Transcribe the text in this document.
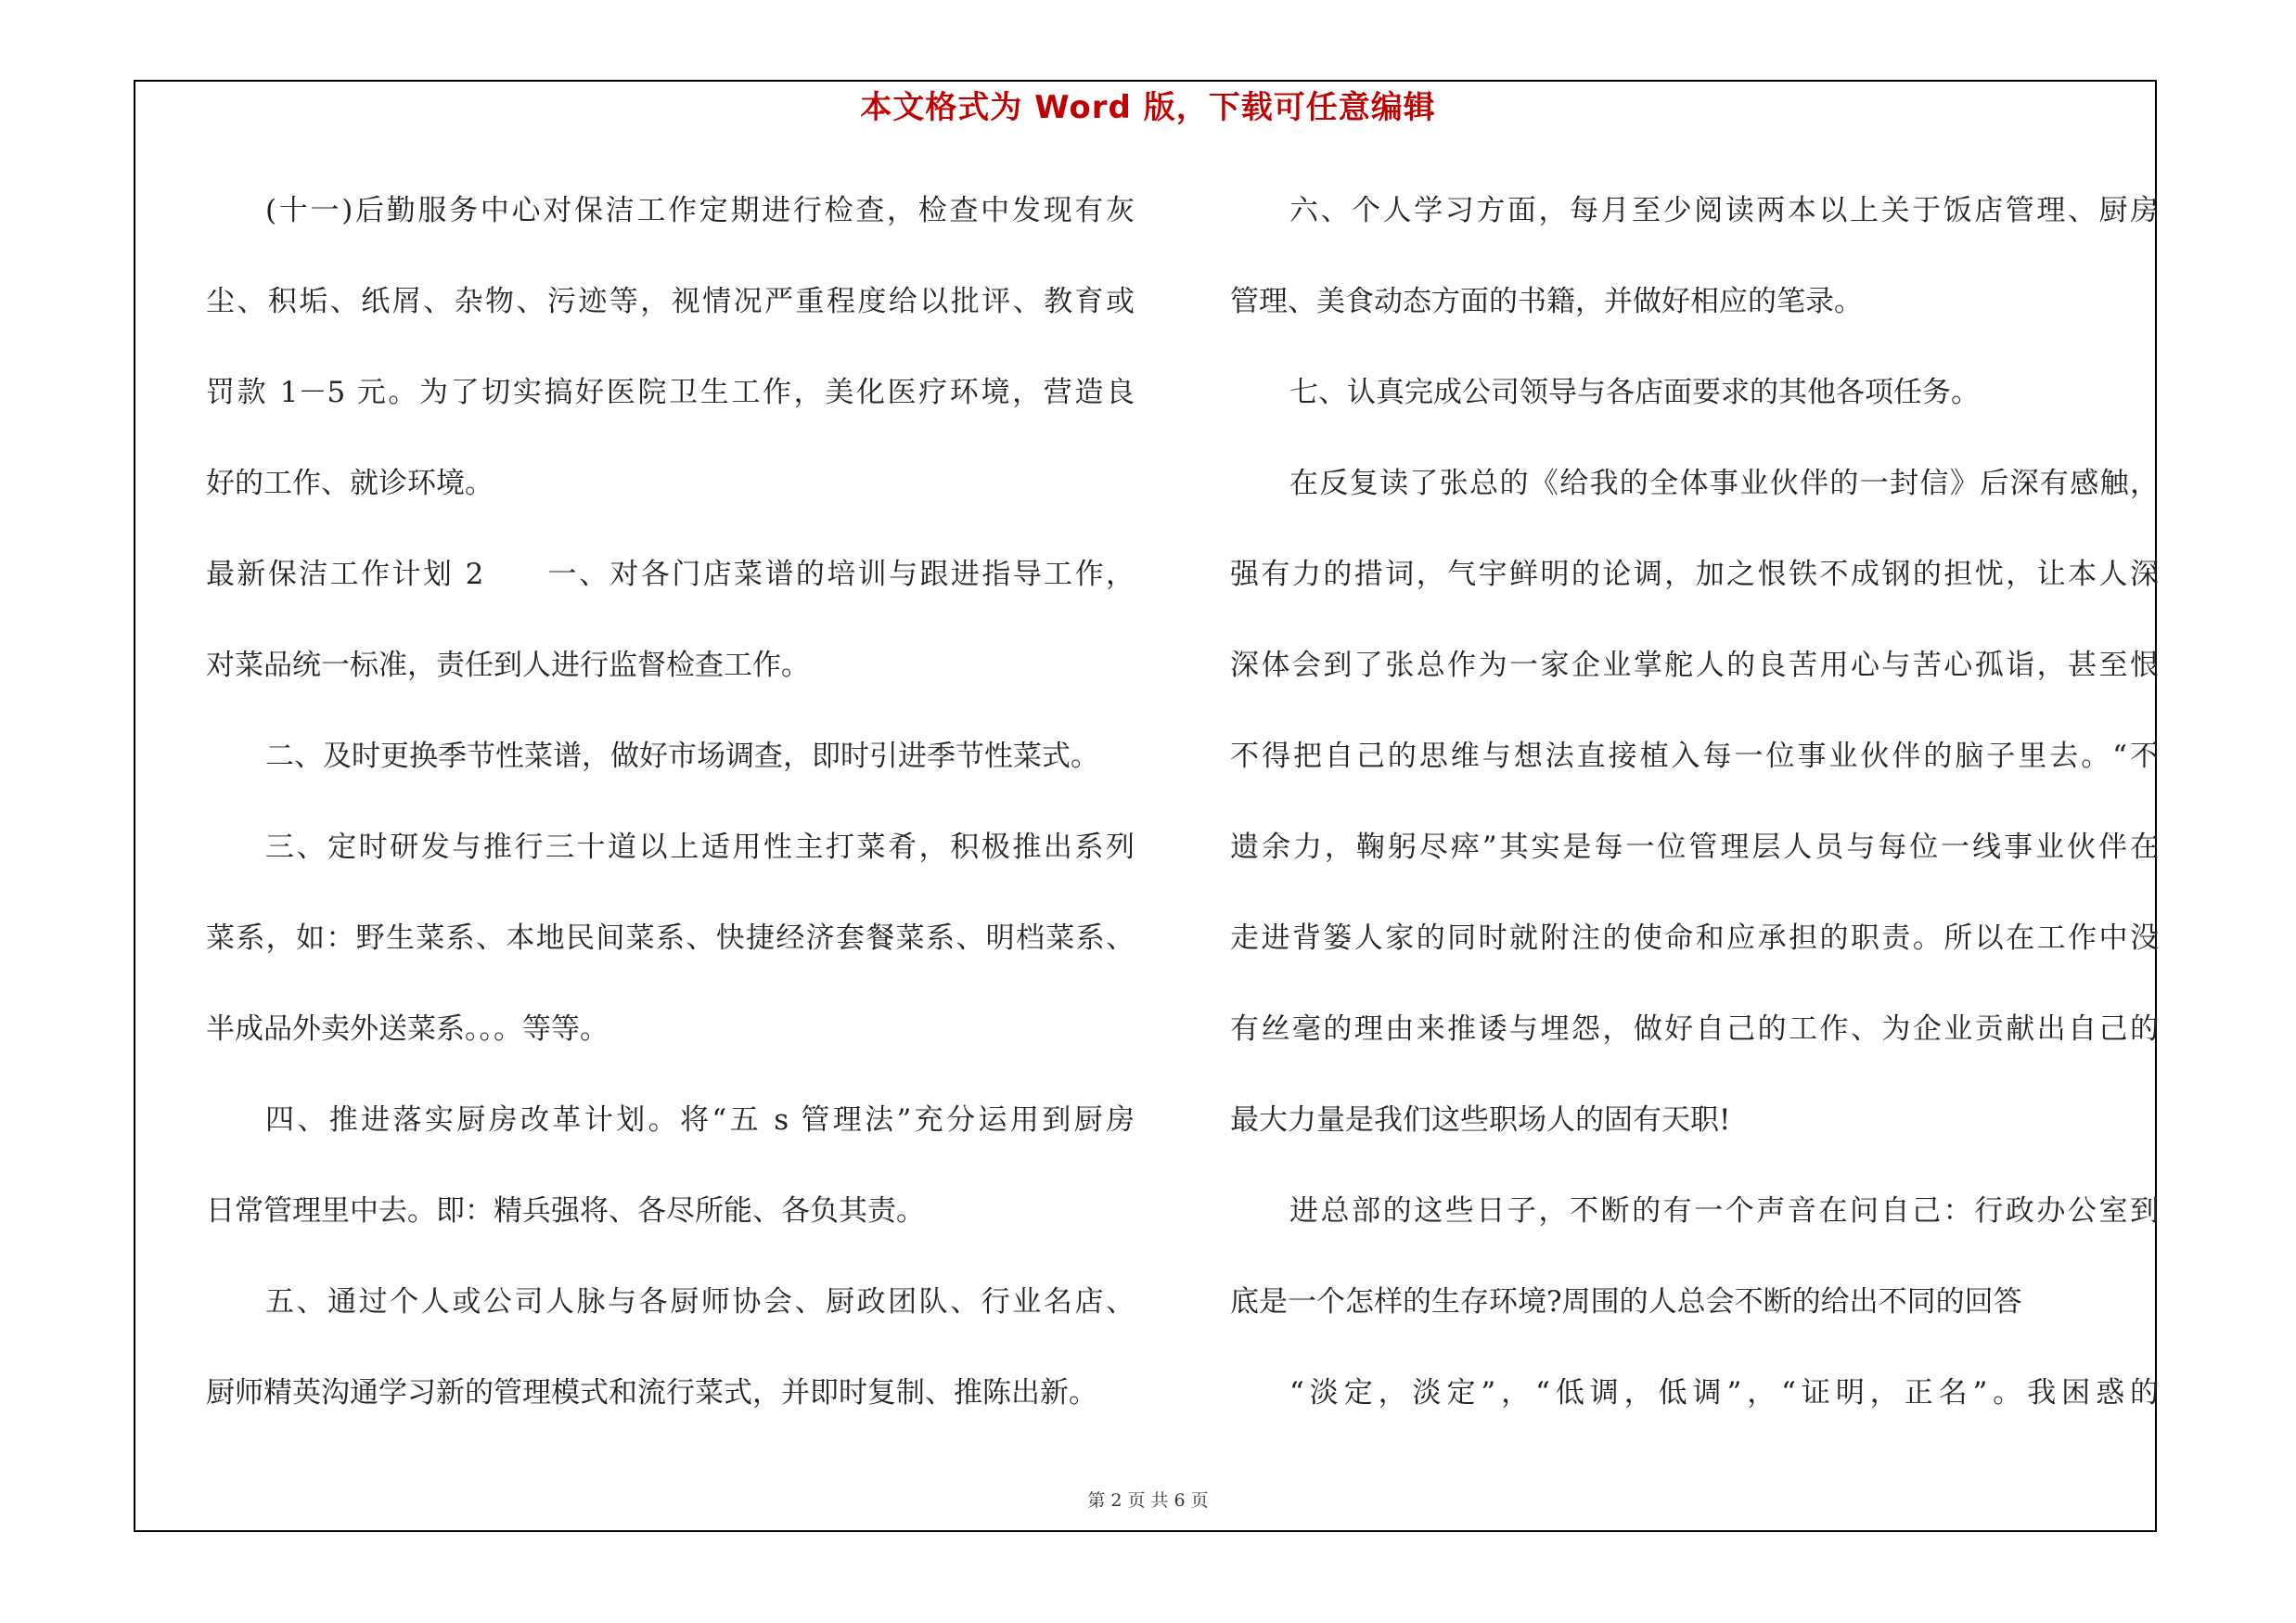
本文格式为 Word 版，下载可任意编辑
(十一)后勤服务中心对保洁工作定期进行检查，检查中发现有灰
尘、积垢、纸屑、杂物、污迹等，视情况严重程度给以批评、教育或
罚款 1－5 元。为了切实搞好医院卫生工作，美化医疗环境，营造良
好的工作、就诊环境。
最新保洁工作计划 2　　一、对各门店菜谱的培训与跟进指导工作，
对菜品统一标准，责任到人进行监督检查工作。
二、及时更换季节性菜谱，做好市场调查，即时引进季节性菜式。
三、定时研发与推行三十道以上适用性主打菜肴，积极推出系列
菜系，如：野生菜系、本地民间菜系、快捷经济套餐菜系、明档菜系、
半成品外卖外送菜系。。。等等。
四、推进落实厨房改革计划。将“五 s 管理法”充分运用到厨房
日常管理里中去。即：精兵强将、各尽所能、各负其责。
五、通过个人或公司人脉与各厨师协会、厨政团队、行业名店、
厨师精英沟通学习新的管理模式和流行菜式，并即时复制、推陈出新。
六、个人学习方面，每月至少阅读两本以上关于饭店管理、厨房
管理、美食动态方面的书籍，并做好相应的笔录。
七、认真完成公司领导与各店面要求的其他各项任务。
在反复读了张总的《给我的全体事业伙伴的一封信》后深有感触，
强有力的措词，气宇鲜明的论调，加之恨铁不成钢的担忧，让本人深
深体会到了张总作为一家企业掌舵人的良苦用心与苦心孤诣，甚至恨
不得把自己的思维与想法直接植入每一位事业伙伴的脑子里去。“不
遗余力，鞠躬尽瘁”其实是每一位管理层人员与每位一线事业伙伴在
走进背篓人家的同时就附注的使命和应承担的职责。所以在工作中没
有丝毫的理由来推诿与埋怨，做好自己的工作、为企业贡献出自己的
最大力量是我们这些职场人的固有天职!
进总部的这些日子，不断的有一个声音在问自己：行政办公室到
底是一个怎样的生存环境?周围的人总会不断的给出不同的回答
“淡定，淡定”，“低调，低调”，“证明，正名”。我困惑的
第 2 页 共 6 页
